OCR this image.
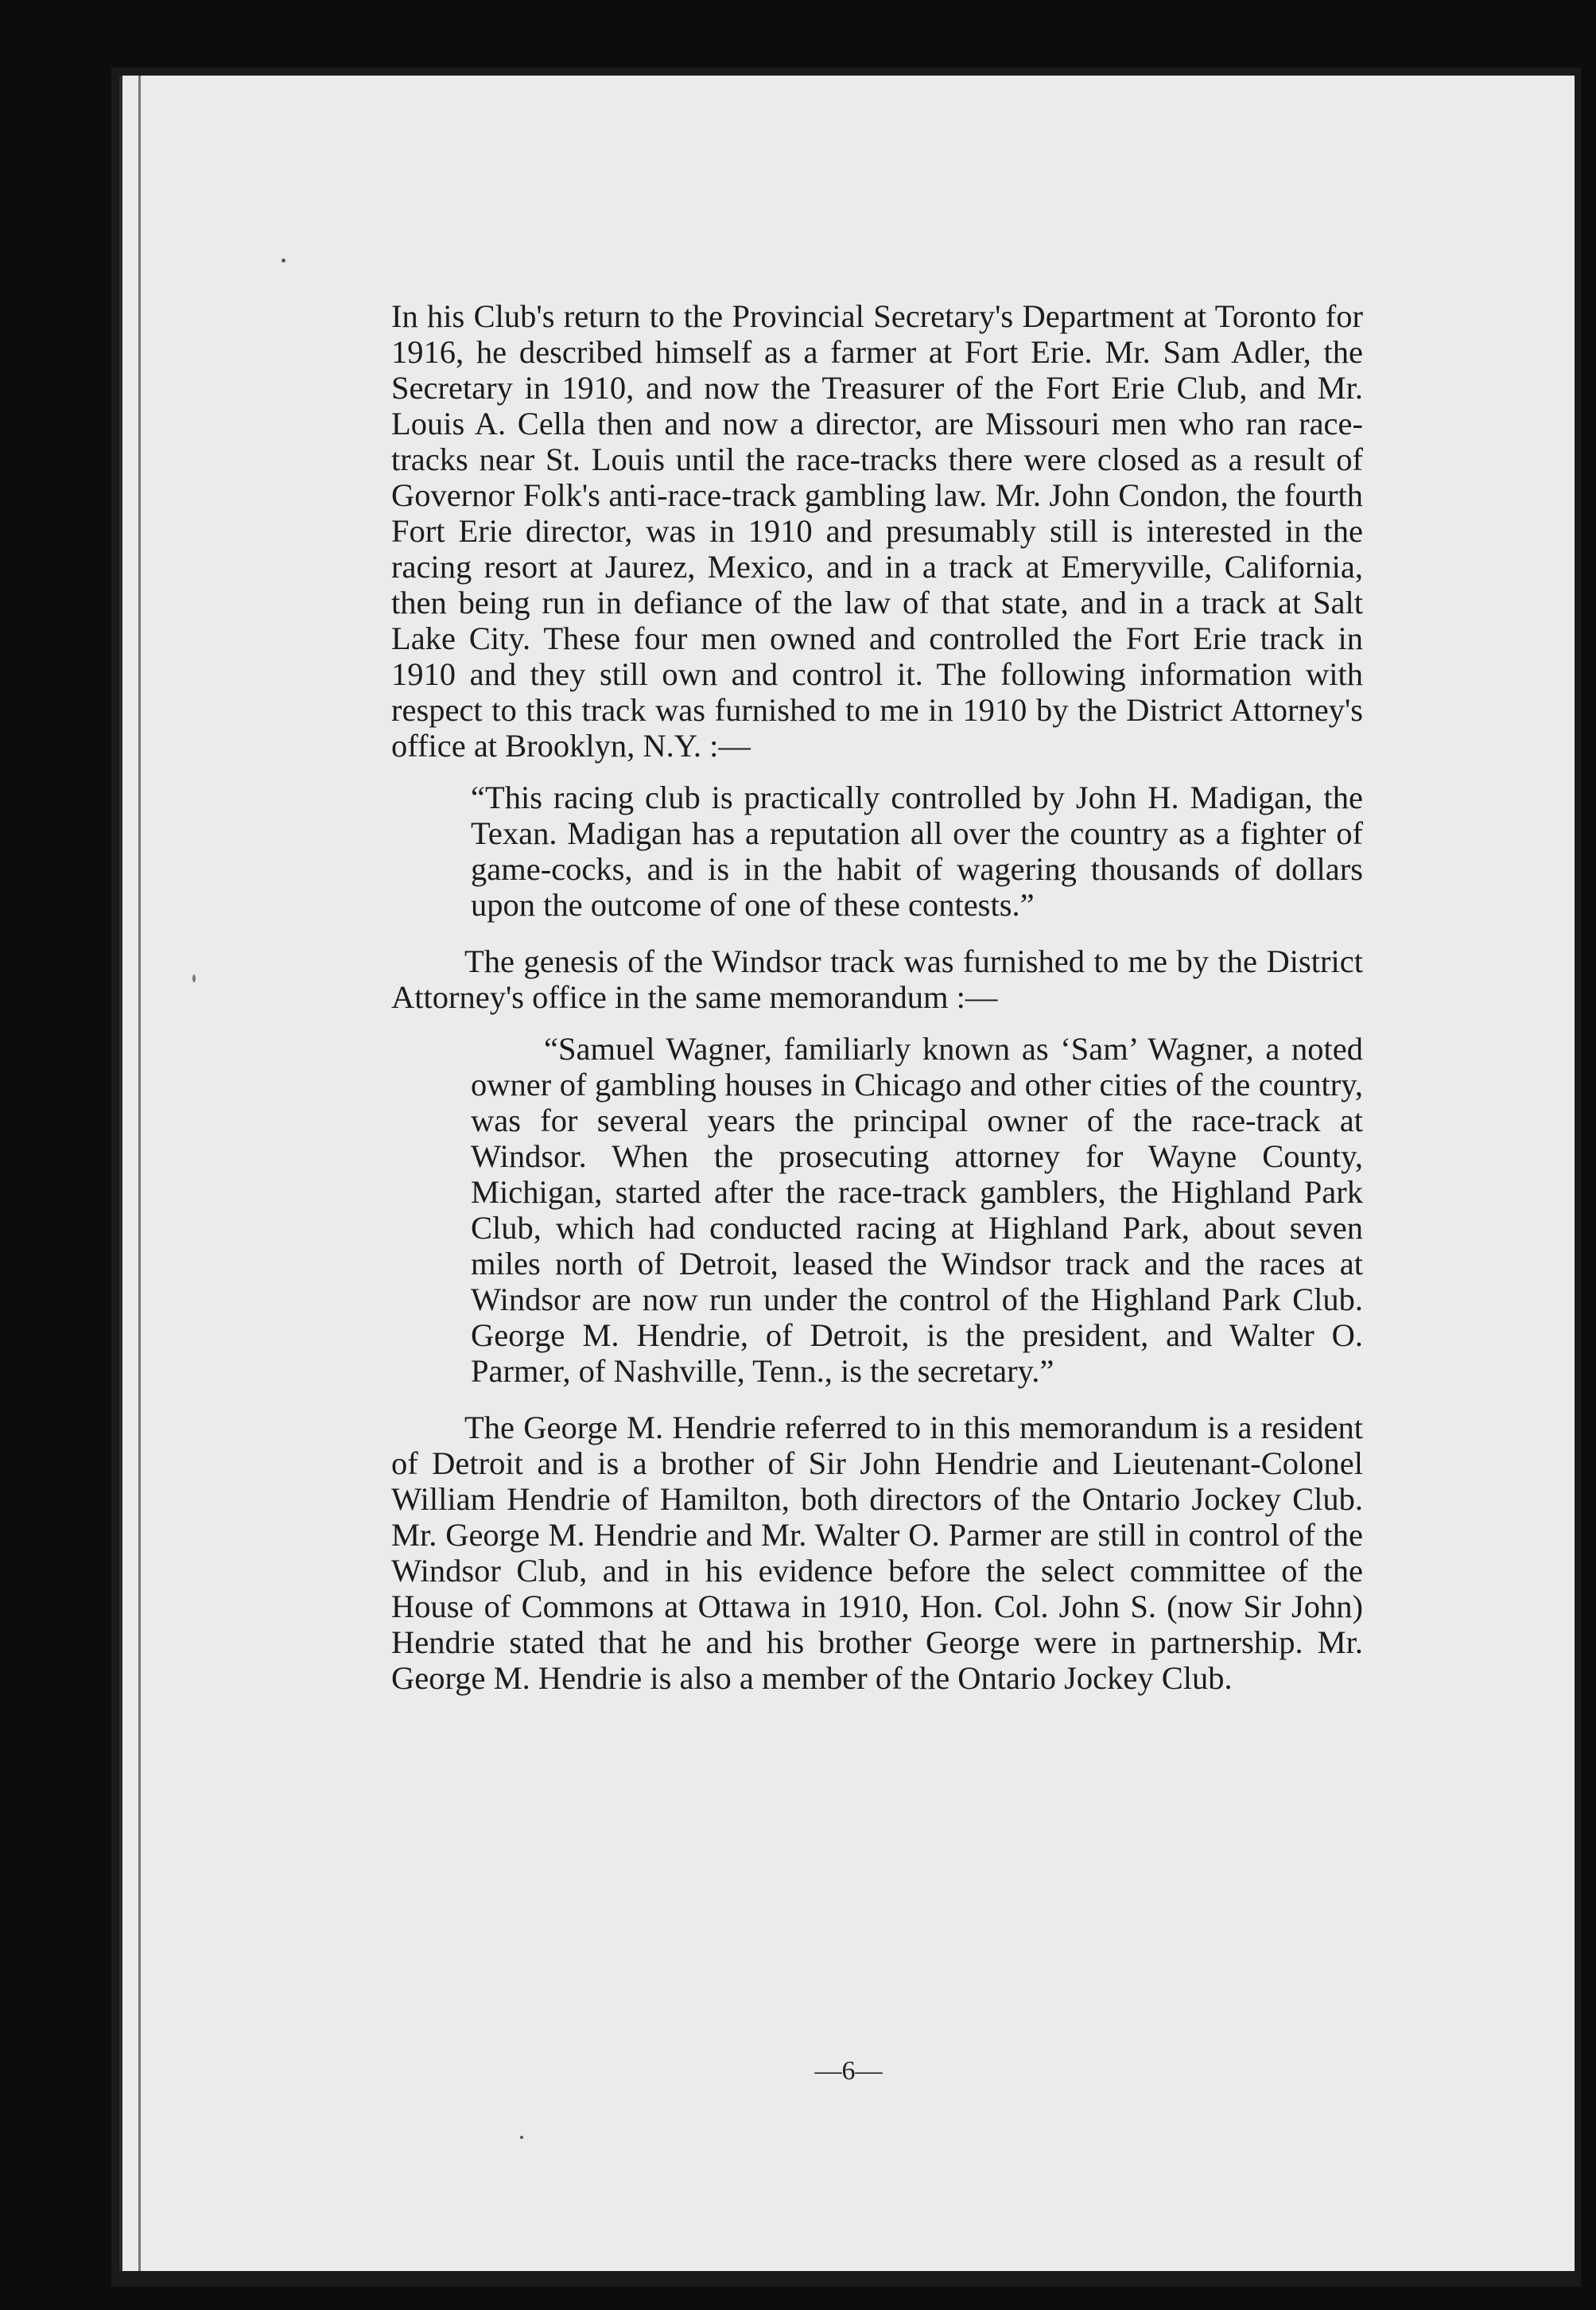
In his Club's return to the Provincial Secretary's Department at Toronto for 1916, he described himself as a farmer at Fort Erie. Mr. Sam Adler, the Secretary in 1910, and now the Treasurer of the Fort Erie Club, and Mr. Louis A. Cella then and now a director, are Missouri men who ran race-tracks near St. Louis until the race-tracks there were closed as a result of Governor Folk's anti-race-track gambling law. Mr. John Condon, the fourth Fort Erie director, was in 1910 and presumably still is interested in the racing resort at Jaurez, Mexico, and in a track at Emeryville, California, then being run in defiance of the law of that state, and in a track at Salt Lake City. These four men owned and controlled the Fort Erie track in 1910 and they still own and control it. The following information with respect to this track was furnished to me in 1910 by the District Attorney's office at Brooklyn, N.Y. :—

“This racing club is practically controlled by John H. Madigan, the Texan. Madigan has a reputation all over the country as a fighter of game-cocks, and is in the habit of wagering thousands of dollars upon the outcome of one of these contests.”

The genesis of the Windsor track was furnished to me by the District Attorney's office in the same memorandum :—

“Samuel Wagner, familiarly known as ‘Sam’ Wagner, a noted owner of gambling houses in Chicago and other cities of the country, was for several years the principal owner of the race-track at Windsor. When the prosecuting attorney for Wayne County, Michigan, started after the race-track gamblers, the Highland Park Club, which had conducted racing at Highland Park, about seven miles north of Detroit, leased the Windsor track and the races at Windsor are now run under the control of the Highland Park Club. George M. Hendrie, of Detroit, is the president, and Walter O. Parmer, of Nashville, Tenn., is the secretary.”

The George M. Hendrie referred to in this memorandum is a resident of Detroit and is a brother of Sir John Hendrie and Lieutenant-Colonel William Hendrie of Hamilton, both directors of the Ontario Jockey Club. Mr. George M. Hendrie and Mr. Walter O. Parmer are still in control of the Windsor Club, and in his evidence before the select committee of the House of Commons at Ottawa in 1910, Hon. Col. John S. (now Sir John) Hendrie stated that he and his brother George were in partnership. Mr. George M. Hendrie is also a member of the Ontario Jockey Club.

—6—
